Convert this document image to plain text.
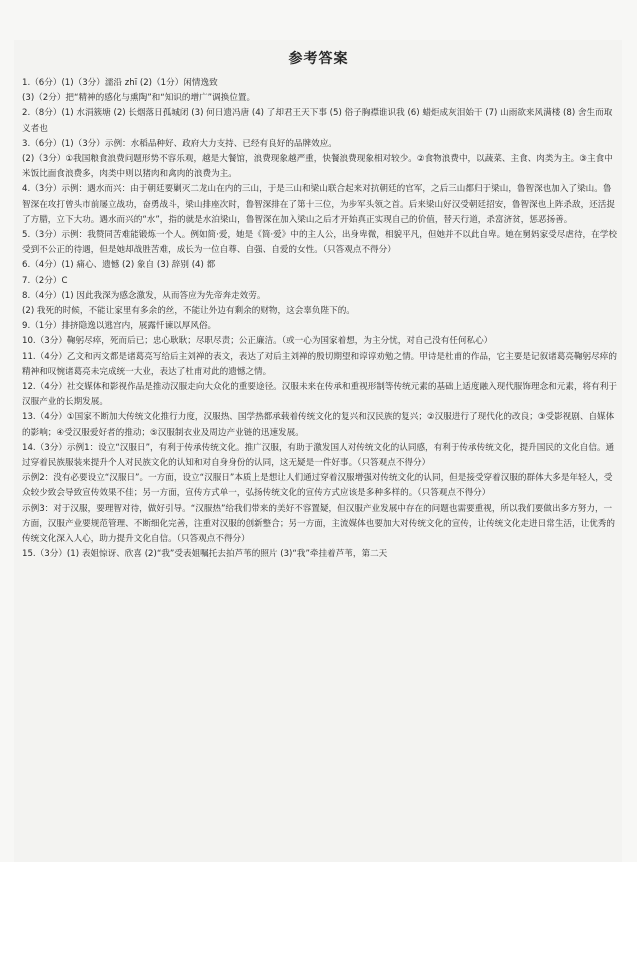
参考答案

1.（6分）(1)（3分）濡沿 zhī (2)（1分）闲情逸致

(3)（2分）把“精神的感化与熏陶”和“知识的增广”调换位置。

2.（8分）(1) 水涓簇塘 (2) 长烟落日孤城闭 (3) 何日遗冯唐 (4) 了却君王天下事 (5) 俗子胸襟谁识我 (6) 蜡炬成灰泪始干 (7) 山雨欲来风满楼 (8) 舍生而取义者也

3.（6分）(1)（3分）示例：水稻品种好、政府大力支持、已经有良好的品牌效应。

(2)（3分）①我国粮食浪费问题形势不容乐观，越是大餐馆，浪费现象越严重，快餐浪费现象相对较少。②食物浪费中，以蔬菜、主食、肉类为主。③主食中米饭比面食浪费多，肉类中则以猪肉和禽肉的浪费为主。

4.（3分）示例：遇水而兴：由于朝廷要剿灭二龙山在内的三山，于是三山和梁山联合起来对抗朝廷的官军，之后三山都归于梁山，鲁智深也加入了梁山。鲁智深在攻打曾头市前屡立战功，奋勇战斗，梁山排座次时，鲁智深排在了第十三位，为步军头领之首。后来梁山好汉受朝廷招安，鲁智深也上阵杀敌，还活捉了方腊，立下大功。遇水而兴的“水”，指的就是水泊梁山，鲁智深在加入梁山之后才开始真正实现自己的价值，替天行道，杀富济贫，惩恶扬善。

5.（3分）示例：我赞同苦难能锻炼一个人。例如简·爱，她是《简·爱》中的主人公，出身卑微，相貌平凡，但她并不以此自卑。她在舅妈家受尽虐待，在学校受到不公正的待遇，但是她却战胜苦难，成长为一位自尊、自强、自爱的女性。（只答观点不得分）

6.（4分）(1) 痛心、遗憾 (2) 象自 (3) 辞别 (4) 都

7.（2分）C

8.（4分）(1) 因此我深为感念激发，从而答应为先帝奔走效劳。

(2) 我死的时候，不能让家里有多余的丝，不能让外边有剩余的财物，这会辜负陛下的。

9.（1分）排挤隐逸以逃宫内，展露忏谏以厚风俗。

10.（3分）鞠躬尽瘁，死而后已；忠心耿耿；尽职尽责；公正廉洁。（或一心为国家着想，为主分忧，对自己没有任何私心）

11.（4分）乙文和丙文都是诸葛亮写给后主刘禅的表文，表达了对后主刘禅的殷切期望和谆谆劝勉之情。甲诗是杜甫的作品，它主要是记叙诸葛亮鞠躬尽瘁的精神和叹惋诸葛亮未完成统一大业，表达了杜甫对此的遗憾之情。

12.（4分）社交媒体和影视作品是推动汉服走向大众化的重要途径。汉服未来在传承和重视形制等传统元素的基础上适度融入现代服饰理念和元素，将有利于汉服产业的长期发展。

13.（4分）①国家不断加大传统文化推行力度，汉服热、国学热都承载着传统文化的复兴和汉民族的复兴；②汉服进行了现代化的改良；③受影视剧、自媒体的影响；④受汉服爱好者的推动；⑤汉服制衣业及周边产业链的迅速发展。

14.（3分）示例1：设立“汉服日”，有利于传承传统文化。推广汉服，有助于激发国人对传统文化的认同感，有利于传承传统文化，提升国民的文化自信。通过穿着民族服装来提升个人对民族文化的认知和对自身身份的认同，这无疑是一件好事。（只答观点不得分）

示例2：没有必要设立“汉服日”。一方面，设立“汉服日”本质上是想让人们通过穿着汉服增强对传统文化的认同，但是接受穿着汉服的群体大多是年轻人，受众较少致会导致宣传效果不佳；另一方面，宣传方式单一，弘扬传统文化的宣传方式应该是多种多样的。（只答观点不得分）

示例3：对于汉服，要理智对待，做好引导。“汉服热”给我们带来的美好不容置疑，但汉服产业发展中存在的问题也需要重视，所以我们要做出多方努力，一方面，汉服产业要规范管理、不断细化完善，注重对汉服的创新整合；另一方面，主流媒体也要加大对传统文化的宣传，让传统文化走进日常生活，让优秀的传统文化深入人心，助力提升文化自信。（只答观点不得分）

15.（3分）(1) 表姐惊讶、欣喜 (2)“我”受表姐嘱托去拍芦苇的照片 (3)“我”牵挂着芦苇，第二天
